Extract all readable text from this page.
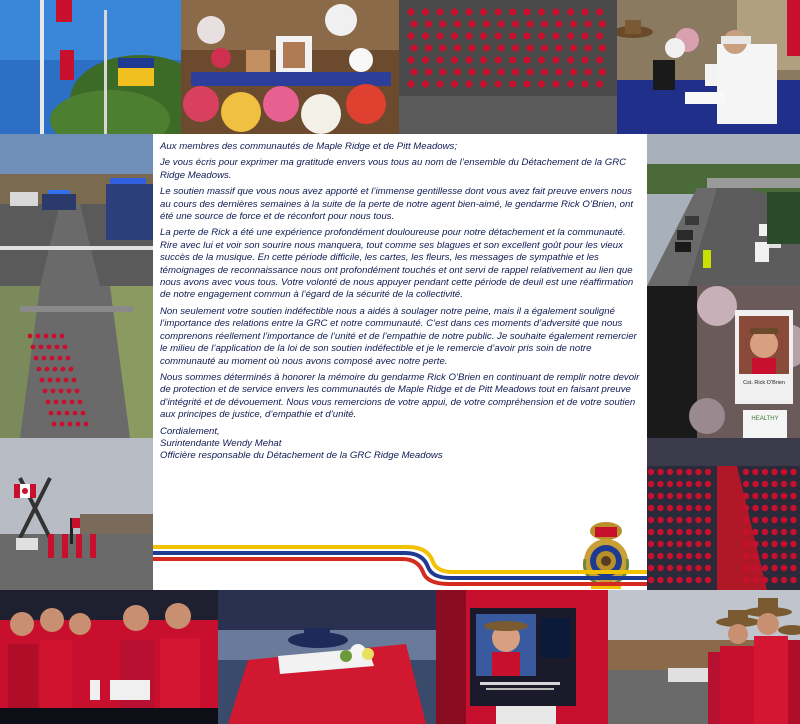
Cst. Rick O’Brien
HEALTHY

Aux membres des communautés de Maple Ridge et de Pitt Meadows;

Je vous écris pour exprimer ma gratitude envers vous tous au nom de l’ensemble du Détachement de la GRC Ridge Meadows.

Le soutien massif que vous nous avez apporté et l’immense gentillesse dont vous avez fait preuve envers nous au cours des dernières semaines à la suite de la perte de notre agent bien-aimé, le gendarme Rick O’Brien, ont été une source de force et de réconfort pour nous tous.

La perte de Rick a été une expérience profondément douloureuse pour notre détachement et la communauté. Rire avec lui et voir son sourire nous manquera, tout comme ses blagues et son excellent goût pour les vieux succès de la musique. En cette période difficile, les cartes, les fleurs, les messages de sympathie et les témoignages de reconnaissance nous ont profondément touchés et ont servi de rappel relativement au lien que nous avons avec vous tous. Votre volonté de nous appuyer pendant cette période de deuil est une réaffirmation de notre engagement commun à l’égard de la sécurité de la collectivité.

Non seulement votre soutien indéfectible nous a aidés à soulager notre peine, mais il a également souligné l’importance des relations entre la GRC et notre communauté. C’est dans ces moments d’adversité que nous comprenons réellement l’importance de l’unité et de l’empathie de notre public. Je souhaite également remercier le milieu de l’application de la loi de son soutien indéfectible et je le remercie d’avoir pris soin de notre communauté au moment où nous avons composé avec notre perte.

Nous sommes déterminés à honorer la mémoire du gendarme Rick O’Brien en continuant de remplir notre devoir de protection et de service envers les communautés de Maple Ridge et de Pitt Meadows tout en faisant preuve d’intégrité et de dévouement. Nous vous remercions de votre appui, de votre compréhension et de votre soutien aux principes de justice, d’empathie et d’unité.

Cordialement,

Surintendante Wendy Mehat

Officière responsable du Détachement de la GRC Ridge Meadows
